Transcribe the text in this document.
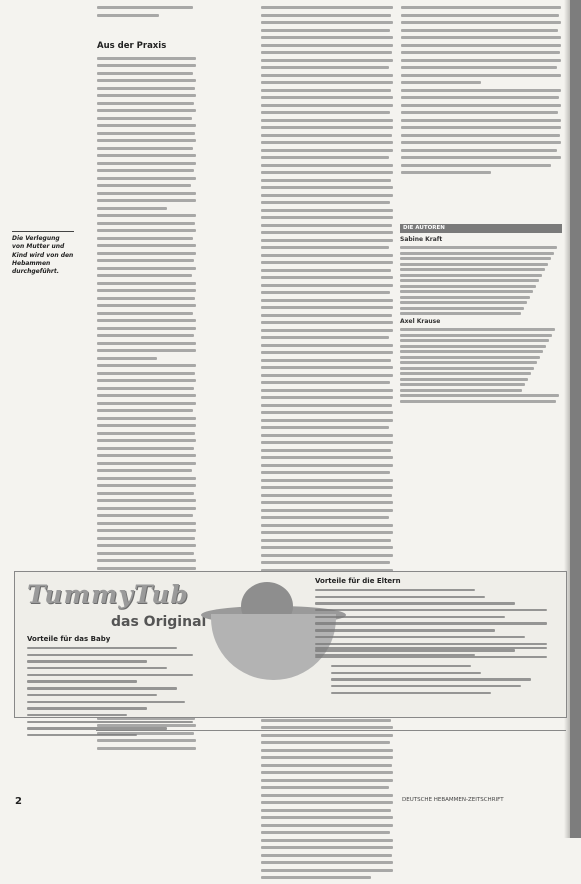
Aus der Praxis
Die Verlegung von Mutter und Kind wird von den Hebammen durchgeführt.
DIE AUTOREN
Sabine Kraft
Axel Krause
TummyTub
das Original
Vorteile für das Baby
Vorteile für die Eltern
2	DEUTSCHE HEBAMMEN-ZEITSCHRIFT
